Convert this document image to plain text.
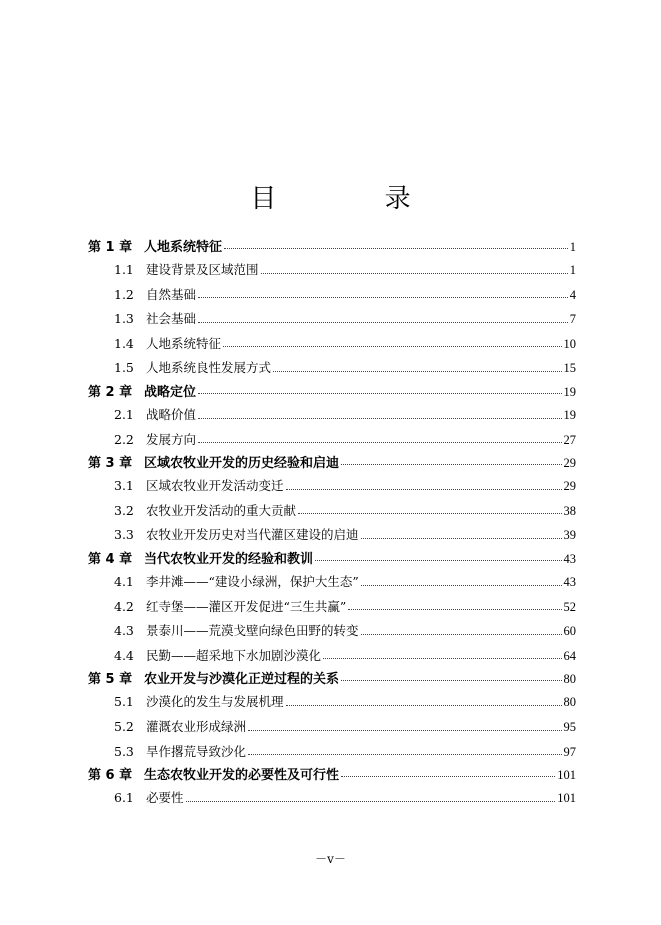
目 录
第 1 章 人地系统特征	1
1.1 建设背景及区域范围	1
1.2 自然基础	4
1.3 社会基础	7
1.4 人地系统特征	10
1.5 人地系统良性发展方式	15
第 2 章 战略定位	19
2.1 战略价值	19
2.2 发展方向	27
第 3 章 区域农牧业开发的历史经验和启迪	29
3.1 区域农牧业开发活动变迁	29
3.2 农牧业开发活动的重大贡献	38
3.3 农牧业开发历史对当代灌区建设的启迪	39
第 4 章 当代农牧业开发的经验和教训	43
4.1 李井滩——“建设小绿洲，保护大生态”	43
4.2 红寺堡——灌区开发促进“三生共赢”	52
4.3 景泰川——荒漠戈壁向绿色田野的转变	60
4.4 民勤——超采地下水加剧沙漠化	64
第 5 章 农业开发与沙漠化正逆过程的关系	80
5.1 沙漠化的发生与发展机理	80
5.2 灌溉农业形成绿洲	95
5.3 旱作撂荒导致沙化	97
第 6 章 生态农牧业开发的必要性及可行性	101
6.1 必要性	101
－v－
